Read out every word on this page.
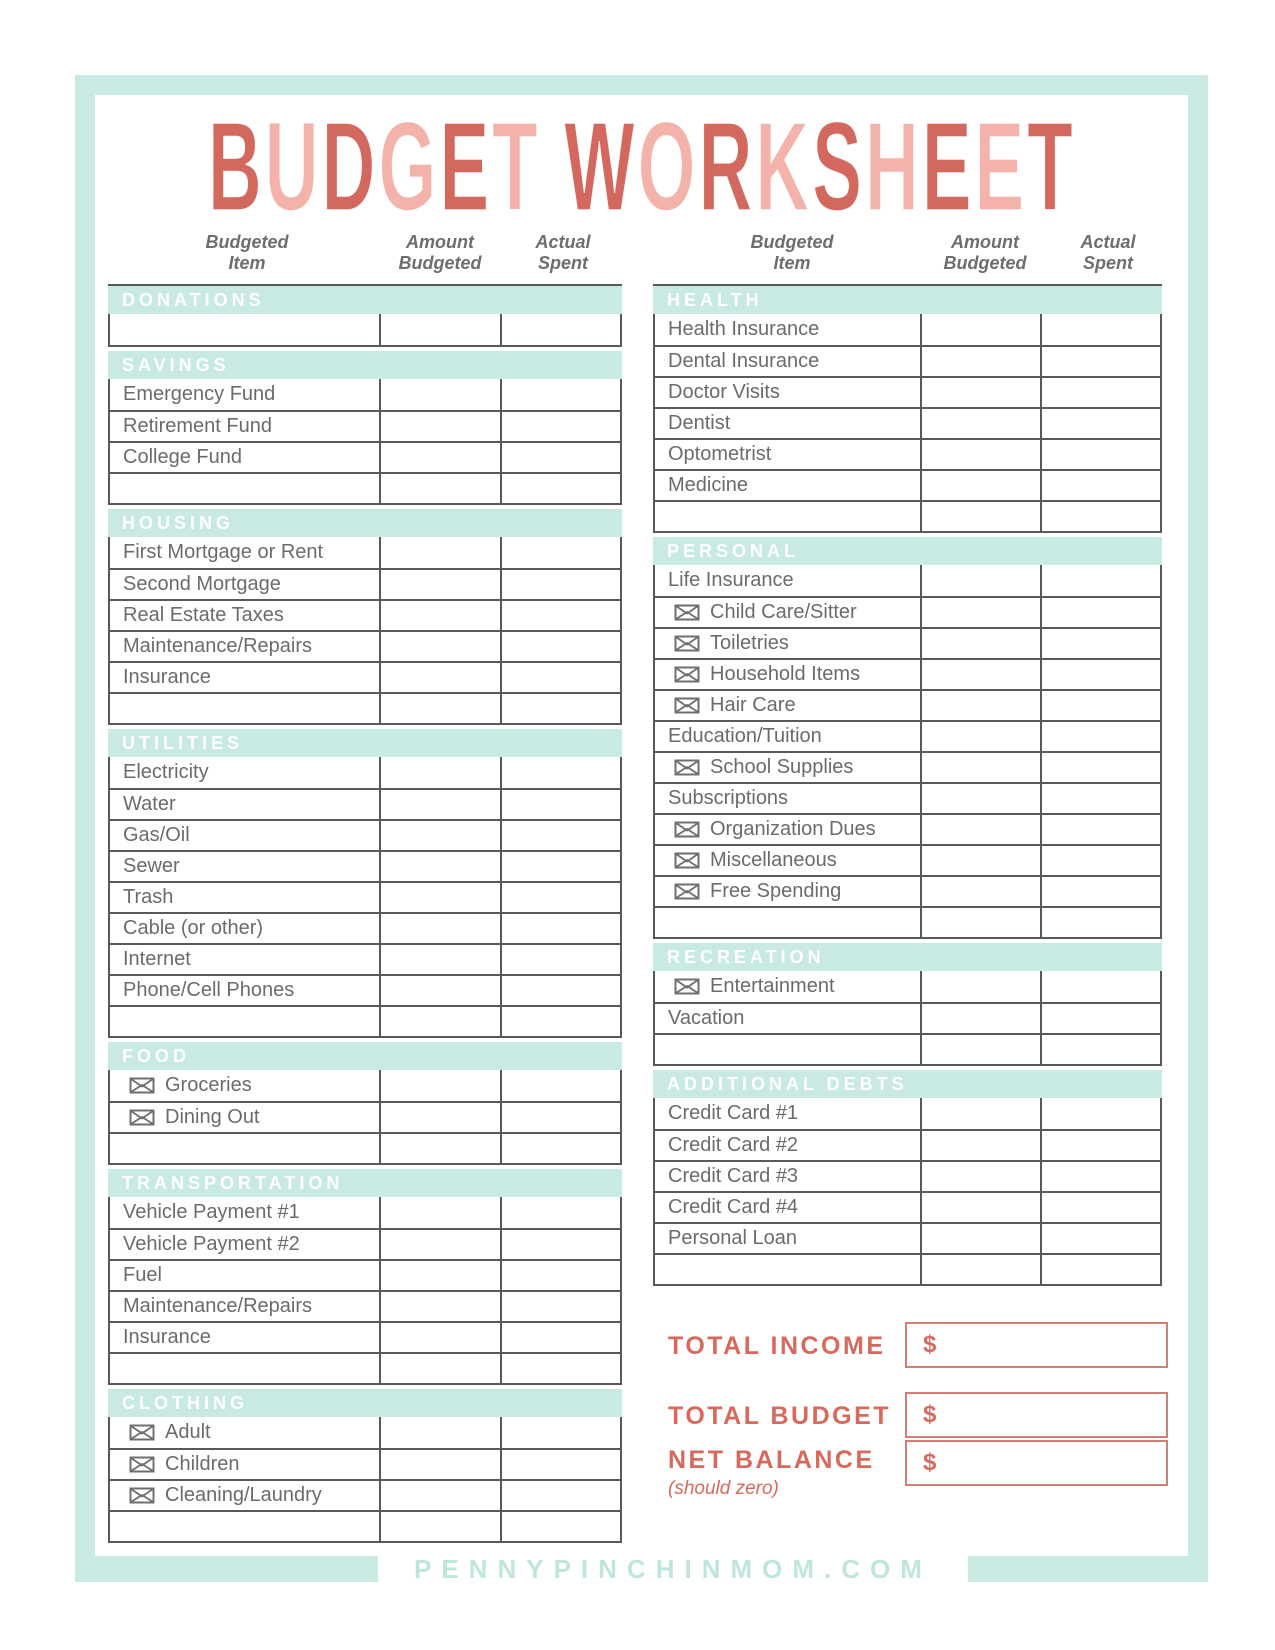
BUDGET WORKSHEET
Budgeted
Item
Amount
Budgeted
Actual
Spent
Budgeted
Item
Amount
Budgeted
Actual
Spent
DONATIONS
SAVINGS
Emergency Fund
Retirement Fund
College Fund
HOUSING
First Mortgage or Rent
Second Mortgage
Real Estate Taxes
Maintenance/Repairs
Insurance
UTILITIES
Electricity
Water
Gas/Oil
Sewer
Trash
Cable (or other)
Internet
Phone/Cell Phones
FOOD
Groceries
Dining Out
TRANSPORTATION
Vehicle Payment #1
Vehicle Payment #2
Fuel
Maintenance/Repairs
Insurance
CLOTHING
Adult
Children
Cleaning/Laundry
HEALTH
Health Insurance
Dental Insurance
Doctor Visits
Dentist
Optometrist
Medicine
PERSONAL
Life Insurance
Child Care/Sitter
Toiletries
Household Items
Hair Care
Education/Tuition
School Supplies
Subscriptions
Organization Dues
Miscellaneous
Free Spending
RECREATION
Entertainment
Vacation
ADDITIONAL DEBTS
Credit Card #1
Credit Card #2
Credit Card #3
Credit Card #4
Personal Loan
TOTAL INCOME $
TOTAL BUDGET $
NET BALANCE
(should zero)
$
PENNYPINCHINMOM.COM
